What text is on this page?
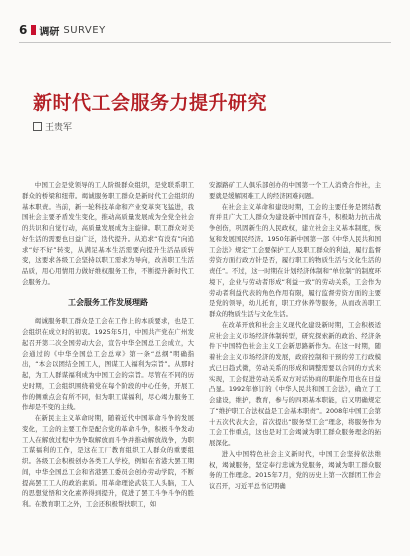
6 调研 SURVEY
新时代工会服务力提升研究
王贵军

中国工会是党领导的工人阶级群众组织，是党联系职工群众的桥梁和纽带。竭诚服务职工群众是新时代工会组织的基本职责。当前，新一轮科技革命和产业变革突飞猛进，我国社会主要矛盾发生变化，推动高质量发展成为全党全社会的共识和自觉行动，高质量发展成为主旋律。职工群众对美好生活的需要也日益广泛，迭代提升。从追求“有没有”向追求“好不好”转变，从满足基本生活需要向提升生活品质转变，这要求各级工会坚持以职工需求为导向，改善职工生活品质，用心用情用力做好维权服务工作，不断提升新时代工会服务力。

工会服务工作发展理路

竭诚服务职工群众是工会在工作上的本质要求，也是工会组织在成立时的初衷。1925年5月，中国共产党在广州发起召开第二次全国劳动大会，宣告中华全国总工会成立，大会通过的《中华全国总工会总章》第一条“总纲”明确指出，“本会以团结全国工人，图谋工人福利为宗旨”。从那时起，为工人群谋福利成为中国工会的宗旨。尽管在不同的历史时期，工会组织围绕着党在每个阶段的中心任务，开展工作的侧重点会有所不同，但为职工谋福利，尽心竭力服务工作却是不变的主线。

在新民主主义革命时期，随着近代中国革命斗争的发展变化，工会的主要工作是配合党的革命斗争，积极斗争发动工人在解放过程中为争取解放而斗争并推动解放战争，为职工谋福利的工作，是这在工厂教育组织工人群众的重要组织。各级工会积极创办各类工人学校，例如在省港大罢工期间，中华全国总工会和省港罢工委员会创办劳动学院，不断提高罢工工人的政治素质。用革命理论武装工人头脑，工人的思想觉悟和文化素养得到提升，促进了罢工斗争斗争的胜利。在教育职工之外，工会还积极帮扶职工，如

安源路矿工人俱乐部创办的中国第一个工人消费合作社，主要就是缓解困难工人的经济困难问题。

在社会主义革命和建设时期，工会的主要任务是团结教育并且广大工人群众为建设新中国而奋斗，积极助力抗击战争创伤，巩固新生的人民政权，建立社会主义基本制度，恢复和发展国民经济。1950年新中国第一部《中华人民共和国工会法》规定“工会要保护工人及职工群众的利益，履行监督劳资方面行政方针是否，履行职工的物质生活与文化生活的责任”。不过，这一时期在计划经济体制和“单位制”的制度环境下，企业与劳动者形成“利益一致”的劳动关系，工会作为劳动者利益代表的角色作用有限，履行监督劳资方面的主要是党的领导，幼儿托育，职工疗休养等服务，从而改善职工群众的物质生活与文化生活。

在改革开放和社会主义现代化建设新时期，工会积极适应社会主义市场经济体制转型，研究探索新的政治、经济条件下中国特色社会主义工会新思路新作为。在这一时期，随着社会主义市场经济的发展，政府控制和干预的劳工行政模式已日趋式微，劳动关系的形成和调整需要以合同的方式来实现，工会促进劳动关系双方对话协商的职能作用也在日益凸显。1992年修订的《中华人民共和国工会法》，确立了工会建设，维护，教育，参与的四项基本职能，启又明确规定了“维护职工合法权益是工会基本职责”。2008年中国工会第十五次代表大会，首次提出“服务型工会”理念，将服务作为工会工作重点，这也是对工会竭诚为职工群众服务理念的拓展深化。

进入中国特色社会主义新时代，中国工会坚持依法维权，竭诚服务，坚定奉行忠诚为党服务，竭诚为职工群众服务的工作理念。2015年7月，党的历史上第一次群团工作会议召开，习近平总书记明确
